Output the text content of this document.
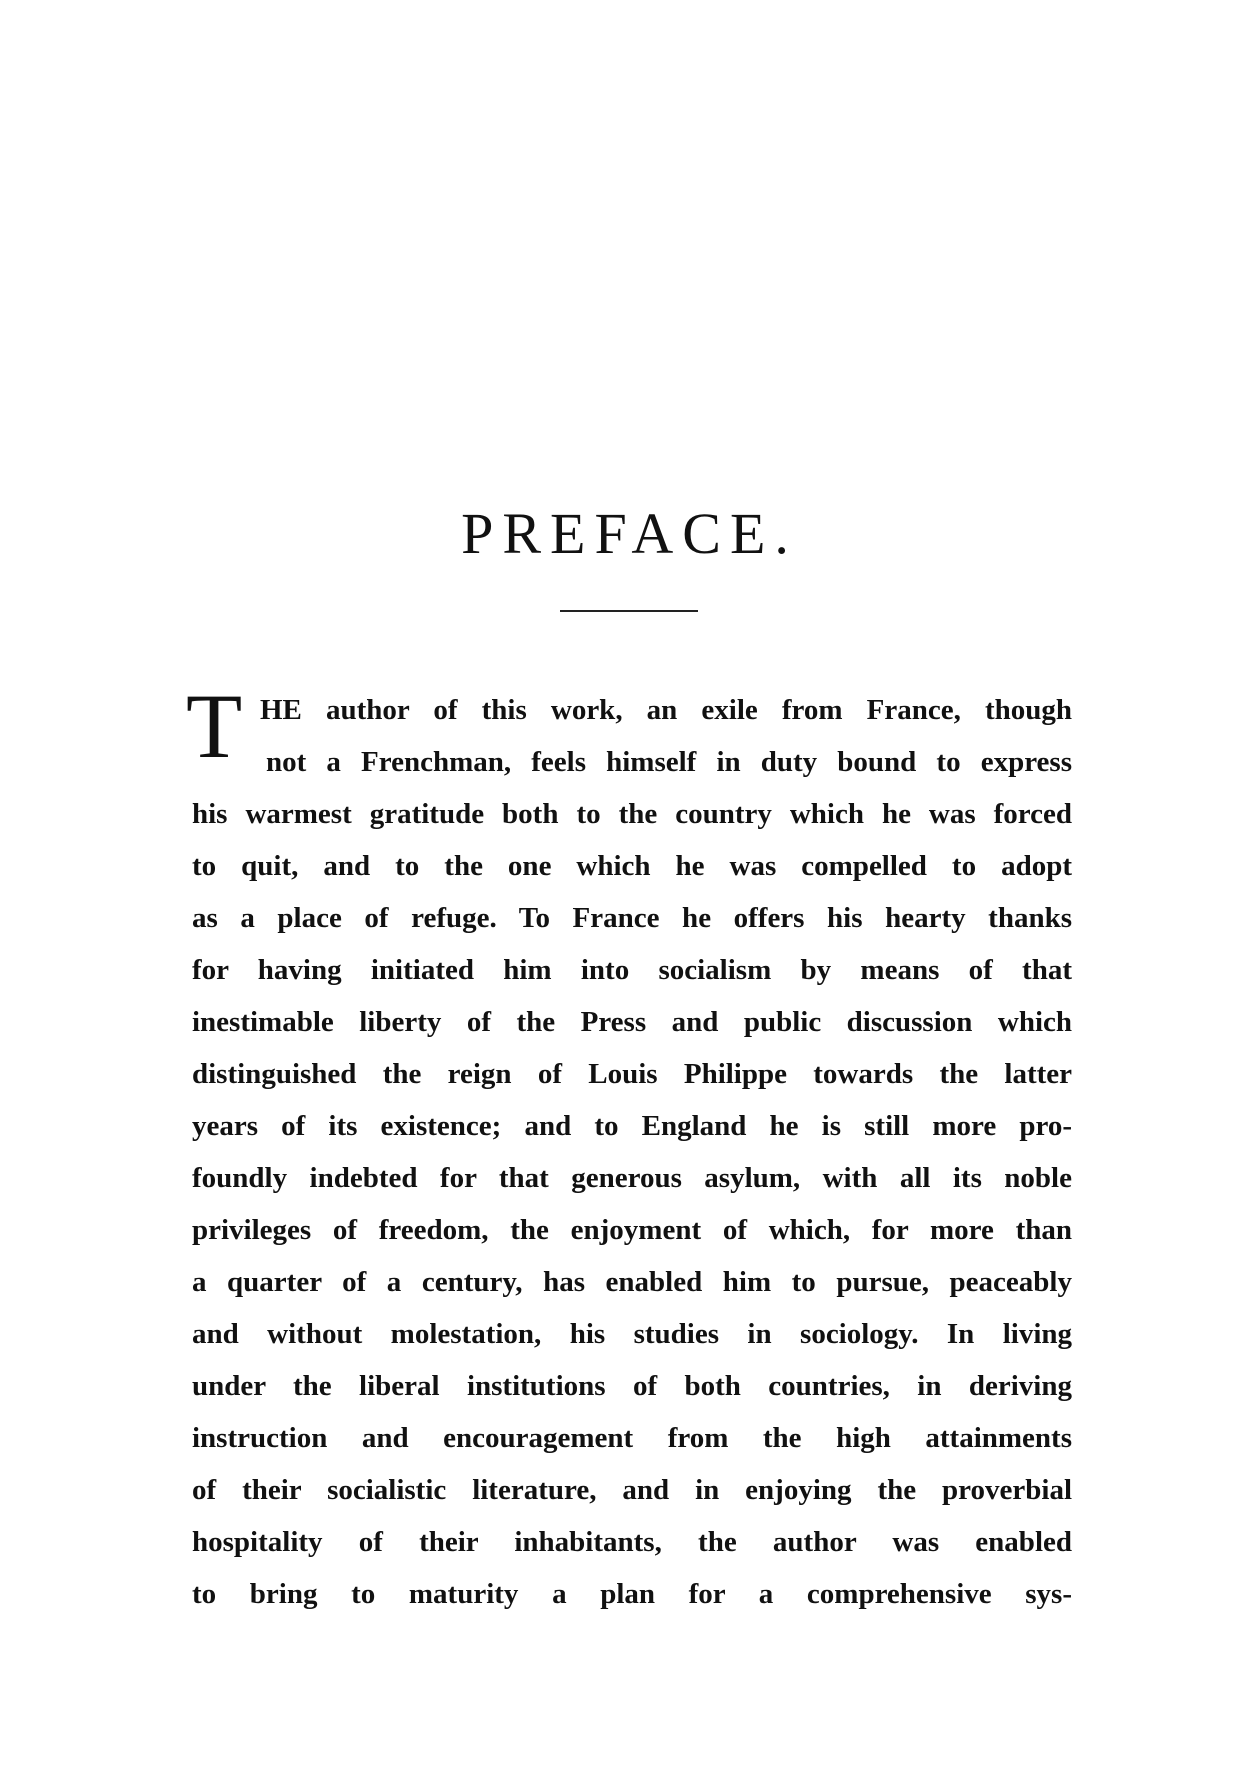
PREFACE.
T HE author of this work, an exile from France, though
not a Frenchman, feels himself in duty bound to express
his warmest gratitude both to the country which he was forced
to quit, and to the one which he was compelled to adopt
as a place of refuge. To France he offers his hearty thanks
for having initiated him into socialism by means of that
inestimable liberty of the Press and public discussion which
distinguished the reign of Louis Philippe towards the latter
years of its existence; and to England he is still more pro-
foundly indebted for that generous asylum, with all its noble
privileges of freedom, the enjoyment of which, for more than
a quarter of a century, has enabled him to pursue, peaceably
and without molestation, his studies in sociology. In living
under the liberal institutions of both countries, in deriving
instruction and encouragement from the high attainments
of their socialistic literature, and in enjoying the proverbial
hospitality of their inhabitants, the author was enabled
to bring to maturity a plan for a comprehensive sys-
